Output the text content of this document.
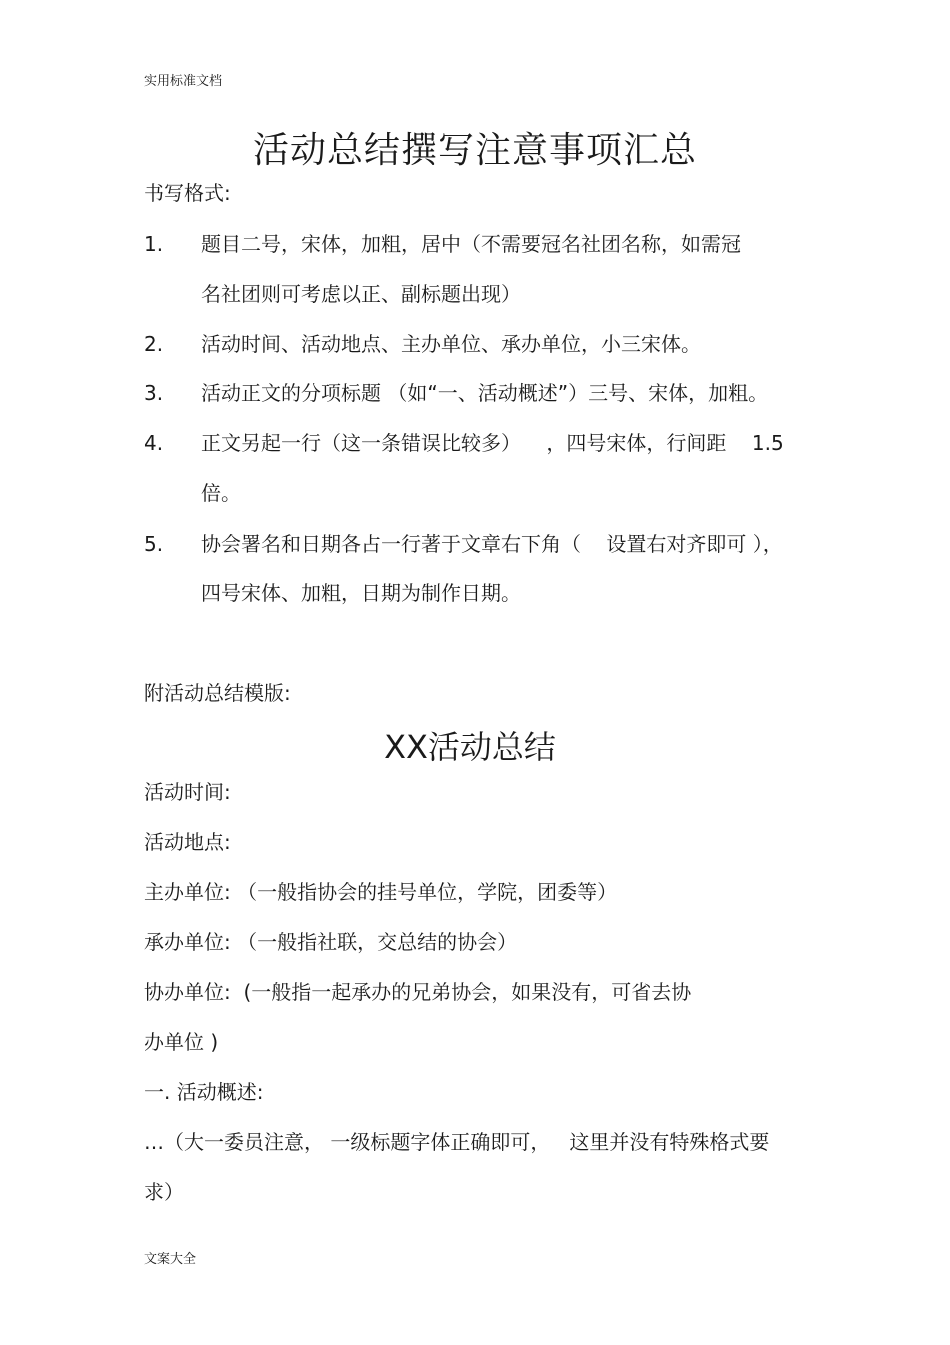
实用标准文档
活动总结撰写注意事项汇总
书写格式:
1. 题目二号，宋体，加粗，居中（不需要冠名社团名称，如需冠
名社团则可考虑以正、副标题出现）
2. 活动时间、活动地点、主办单位、承办单位，小三宋体。
3. 活动正文的分项标题 （如“一、活动概述”）三号、宋体，加粗。
4. 正文另起一行（这一条错误比较多）    ，四号宋体，行间距    1.5
倍。
5. 协会署名和日期各占一行著于文章右下角（    设置右对齐即可 ），
四号宋体、加粗，日期为制作日期。
附活动总结模版:
XX活动总结
活动时间:
活动地点:
主办单位: （一般指协会的挂号单位，学院，团委等）
承办单位: （一般指社联，交总结的协会）
协办单位:  (一般指一起承办的兄弟协会，如果没有，可省去协
办单位 )
一. 活动概述:
…（大一委员注意， 一级标题字体正确即可，   这里并没有特殊格式要
求）
文案大全
